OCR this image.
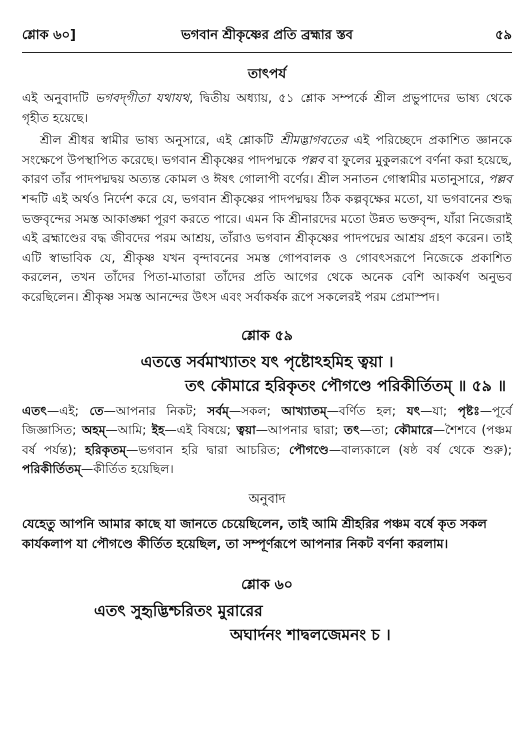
শ্লোক ৬০]	ভগবান শ্রীকৃষ্ণের প্রতি ব্রহ্মার স্তব	৫৯
তাৎপর্য

এই অনুবাদটি ভগবদ্‌গীতা যথাযথ, দ্বিতীয় অধ্যায়, ৫১ শ্লোক সম্পর্কে শ্রীল প্রভুপাদের ভাষ্য থেকে গৃহীত হয়েছে।

শ্রীল শ্রীধর স্বামীর ভাষ্য অনুসারে, এই শ্লোকটি শ্রীমদ্ভাগবতের এই পরিচ্ছেদে প্রকাশিত জ্ঞানকে সংক্ষেপে উপস্থাপিত করেছে। ভগবান শ্রীকৃষ্ণের পাদপদ্মকে পল্লব বা ফুলের মুকুলরূপে বর্ণনা করা হয়েছে, কারণ তাঁর পাদপদ্মদ্বয় অত্যন্ত কোমল ও ঈষৎ গোলাপী বর্ণের। শ্রীল সনাতন গোস্বামীর মতানুসারে, পল্লব শব্দটি এই অর্থও নির্দেশ করে যে, ভগবান শ্রীকৃষ্ণের পাদপদ্মদ্বয় ঠিক কল্পবৃক্ষের মতো, যা ভগবানের শুদ্ধ ভক্তবৃন্দের সমস্ত আকাঙ্ক্ষা পূরণ করতে পারে। এমন কি শ্রীনারদের মতো উন্নত ভক্তবৃন্দ, যাঁরা নিজেরাই এই ব্রহ্মাণ্ডের বদ্ধ জীবদের পরম আশ্রয়, তাঁরাও ভগবান শ্রীকৃষ্ণের পাদপদ্মের আশ্রয় গ্রহণ করেন। তাই এটি স্বাভাবিক যে, শ্রীকৃষ্ণ যখন বৃন্দাবনের সমস্ত গোপবালক ও গোবৎসরূপে নিজেকে প্রকাশিত করলেন, তখন তাঁদের পিতা-মাতারা তাঁদের প্রতি আগের থেকে অনেক বেশি আকর্ষণ অনুভব করেছিলেন। শ্রীকৃষ্ণ সমস্ত আনন্দের উৎস এবং সর্বাকর্ষক রূপে সকলেরই পরম প্রেমাস্পদ।

শ্লোক ৫৯
এতত্তে সর্বমাখ্যাতং যৎ পৃষ্টোঽহমিহ ত্বয়া ।
তৎ কৌমারে হরিকৃতং পৌগণ্ডে পরিকীর্তিতম্ ॥ ৫৯ ॥

এতৎ—এই; তে—আপনার নিকট; সর্বম্—সকল; আখ্যাতম্—বর্ণিত হল; যৎ—যা; পৃষ্টঃ—পূর্বে জিজ্ঞাসিত; অহম্—আমি; ইহ—এই বিষয়ে; ত্বয়া—আপনার দ্বারা; তৎ—তা; কৌমারে—শৈশবে (পঞ্চম বর্ষ পর্যন্ত); হরিকৃতম্—ভগবান হরি দ্বারা আচরিত; পৌগণ্ডে—বাল্যকালে (ষষ্ঠ বর্ষ থেকে শুরু); পরিকীর্তিতম্—কীর্তিত হয়েছিল।

অনুবাদ

যেহেতু আপনি আমার কাছে যা জানতে চেয়েছিলেন, তাই আমি শ্রীহরির পঞ্চম বর্ষে কৃত সকল কার্যকলাপ যা পৌগণ্ডে কীর্তিত হয়েছিল, তা সম্পূর্ণরূপে আপনার নিকট বর্ণনা করলাম।

শ্লোক ৬০
এতৎ সুহৃদ্ভিশ্চরিতং মুরারের
অঘার্দনং শাদ্বলজেমনং চ ।
